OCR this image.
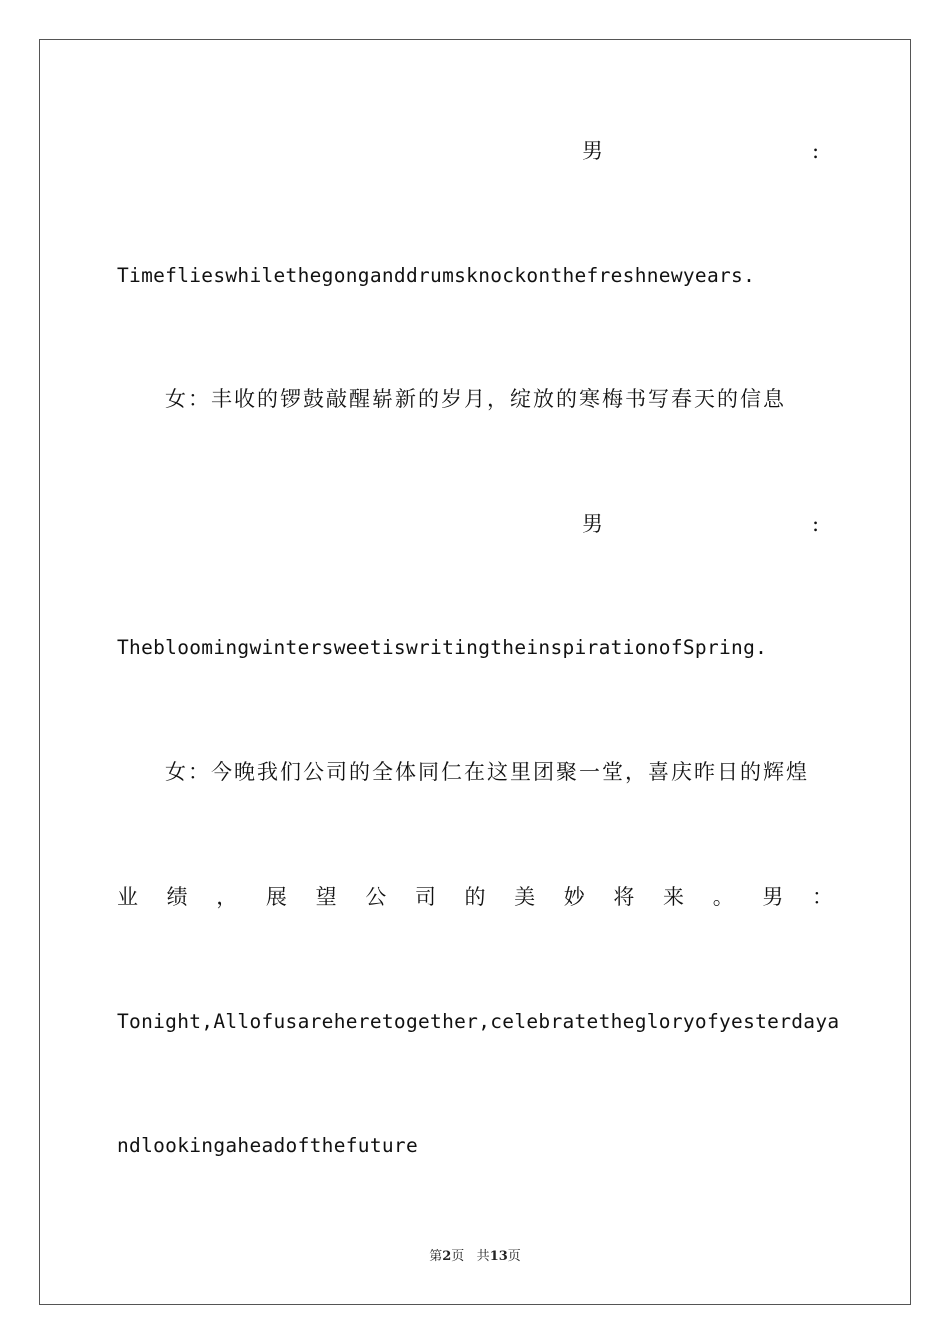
男	:
Timeflieswhilethegonganddrumsknockonthefreshnewyears.
女：丰收的锣鼓敲醒崭新的岁月，绽放的寒梅书写春天的信息
男	:
ThebloomingwintersweetiswritingtheinspirationofSpring.
女：今晚我们公司的全体同仁在这里团聚一堂，喜庆昨日的辉煌
业 绩 ， 展 望 公 司 的 美 妙 将 来 。 男 ：
Tonight,Allofusareheretogether,celebratethegloryofyesterdaya
ndlookingaheadofthefuture
第2页 共13页
